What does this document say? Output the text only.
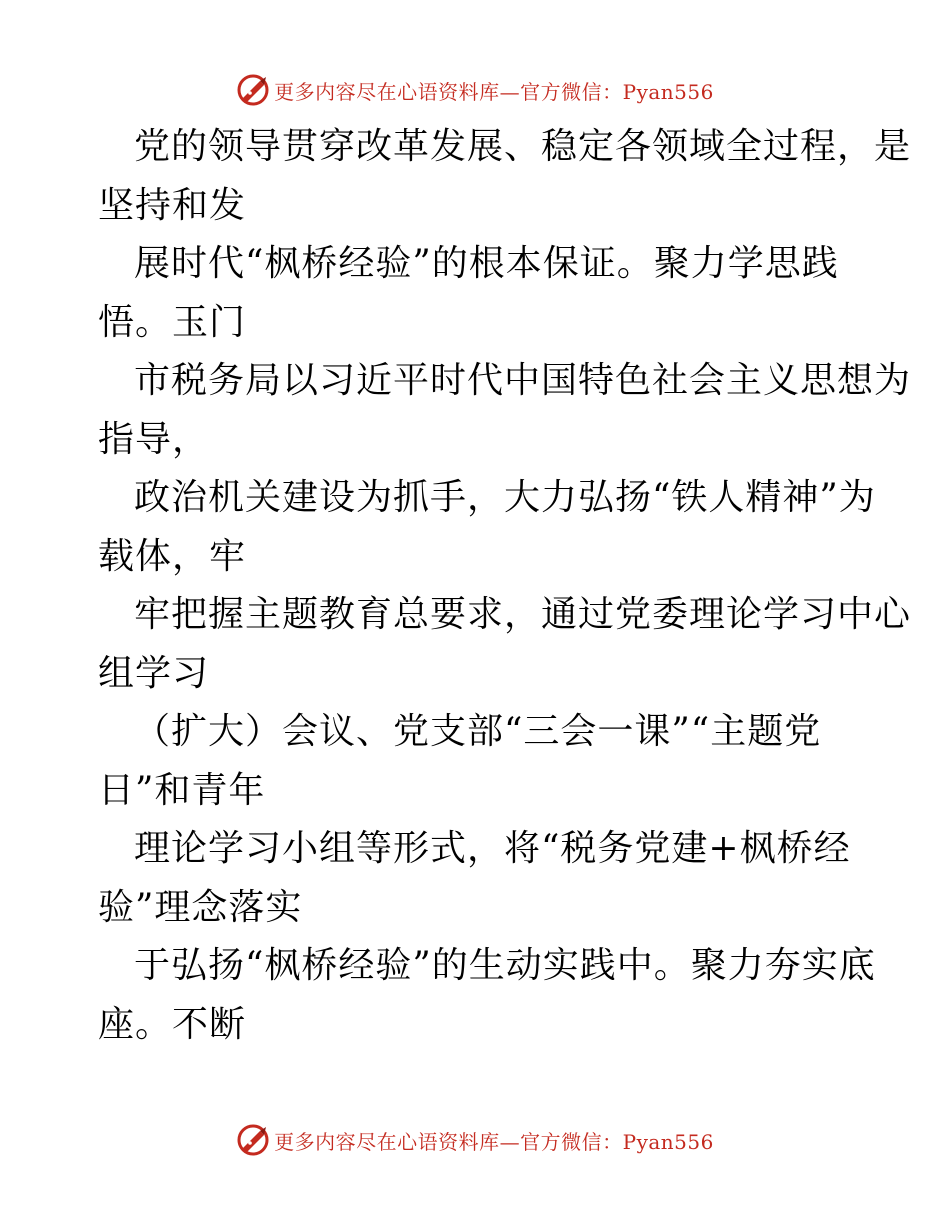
更多内容尽在心语资料库—官方微信：Pyan556
党的领导贯穿改革发展、稳定各领域全过程，是
坚持和发
展时代“枫桥经验”的根本保证。聚力学思践
悟。玉门
市税务局以习近平时代中国特色社会主义思想为
指导，
政治机关建设为抓手，大力弘扬“铁人精神”为
载体，牢
牢把握主题教育总要求，通过党委理论学习中心
组学习
（扩大）会议、党支部“三会一课”“主题党
日”和青年
理论学习小组等形式，将“税务党建+枫桥经
验”理念落实
于弘扬“枫桥经验”的生动实践中。聚力夯实底
座。不断
更多内容尽在心语资料库—官方微信：Pyan556
